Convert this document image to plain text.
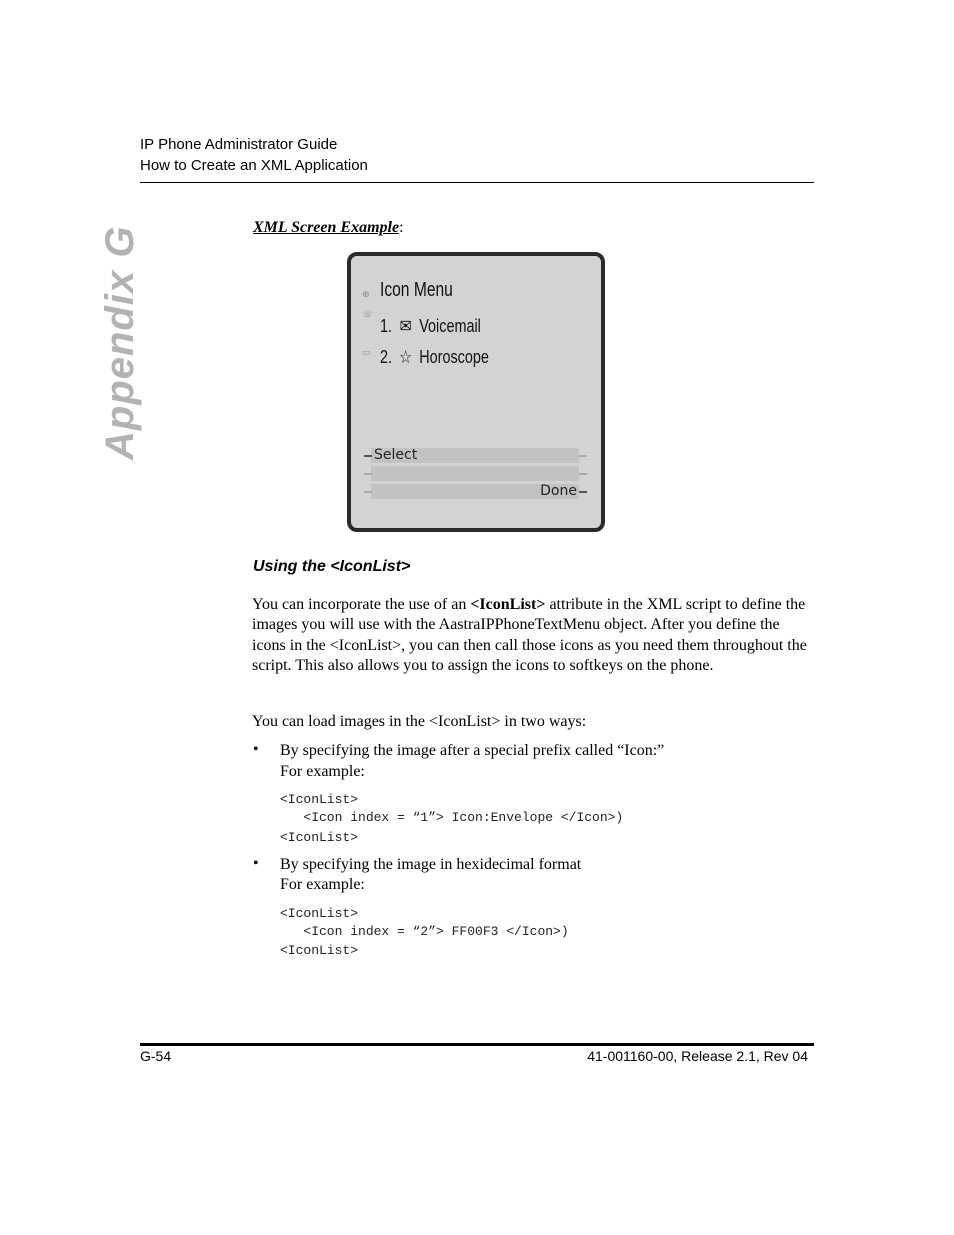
IP Phone Administrator Guide
How to Create an XML Application
Appendix G	XML Screen Example:
⊕ Icon Menu
☏
1. ✉ Voicemail
▭ 2. ☆ Horoscope
Select
Done
Using the <IconList>

You can incorporate the use of an <IconList> attribute in the XML script to define the images you will use with the AastraIPPhoneTextMenu object. After you define the icons in the <IconList>, you can then call those icons as you need them throughout the script. This also allows you to assign the icons to softkeys on the phone.

You can load images in the <IconList> in two ways:

• By specifying the image after a special prefix called “Icon:”
For example:
<IconList>
<Icon index = “1”> Icon:Envelope </Icon>)
<IconList>
• By specifying the image in hexidecimal format
For example:
<IconList>
<Icon index = “2”> FF00F3 </Icon>)
<IconList>
G-54	41-001160-00, Release 2.1, Rev 04
